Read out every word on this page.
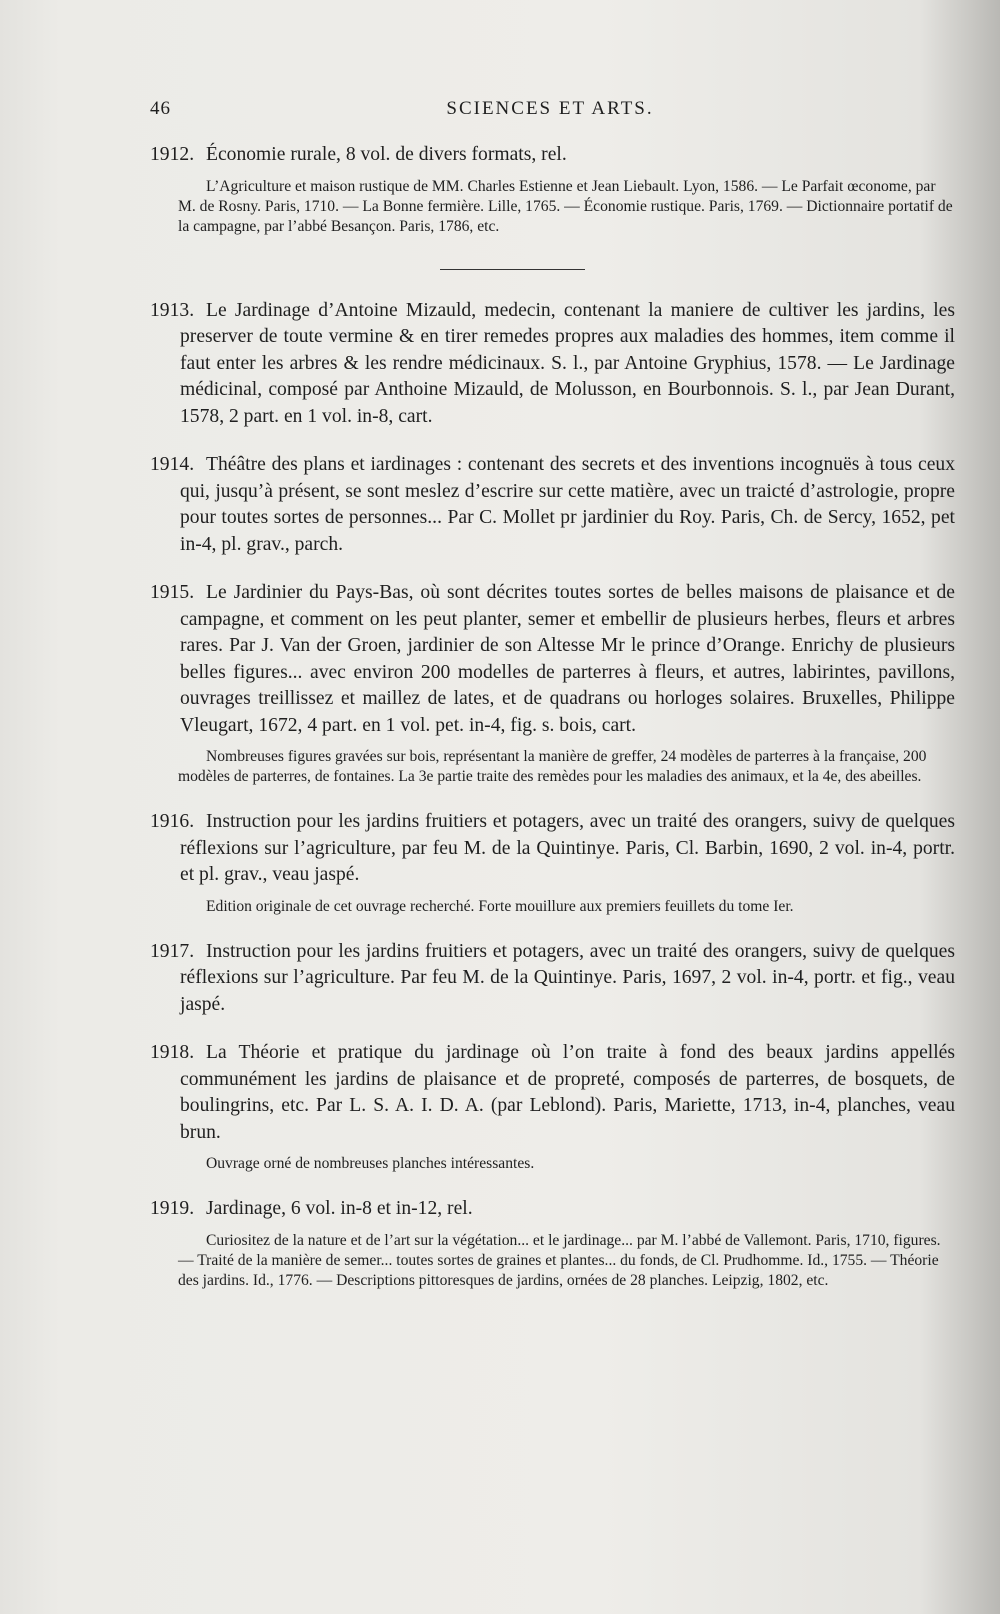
46	SCIENCES ET ARTS.
1912. Économie rurale, 8 vol. de divers formats, rel.
L’Agriculture et maison rustique de MM. Charles Estienne et Jean Liebault. Lyon, 1586. — Le Parfait œconome, par M. de Rosny. Paris, 1710. — La Bonne fermière. Lille, 1765. — Économie rustique. Paris, 1769. — Dictionnaire portatif de la campagne, par l’abbé Besançon. Paris, 1786, etc.
1913. Le Jardinage d’Antoine Mizauld, medecin, contenant la maniere de cultiver les jardins, les preserver de toute vermine & en tirer remedes propres aux maladies des hommes, item comme il faut enter les arbres & les rendre médicinaux. S. l., par Antoine Gryphius, 1578. — Le Jardinage médicinal, composé par Anthoine Mizauld, de Molusson, en Bourbonnois. S. l., par Jean Durant, 1578, 2 part. en 1 vol. in-8, cart.
1914. Théâtre des plans et iardinages : contenant des secrets et des inventions incognuës à tous ceux qui, jusqu’à présent, se sont meslez d’escrire sur cette matière, avec un traicté d’astrologie, propre pour toutes sortes de personnes... Par C. Mollet pr jardinier du Roy. Paris, Ch. de Sercy, 1652, pet in-4, pl. grav., parch.
1915. Le Jardinier du Pays-Bas, où sont décrites toutes sortes de belles maisons de plaisance et de campagne, et comment on les peut planter, semer et embellir de plusieurs herbes, fleurs et arbres rares. Par J. Van der Groen, jardinier de son Altesse Mr le prince d’Orange. Enrichy de plusieurs belles figures... avec environ 200 modelles de parterres à fleurs, et autres, labirintes, pavillons, ouvrages treillissez et maillez de lates, et de quadrans ou horloges solaires. Bruxelles, Philippe Vleugart, 1672, 4 part. en 1 vol. pet. in-4, fig. s. bois, cart.
Nombreuses figures gravées sur bois, représentant la manière de greffer, 24 modèles de parterres à la française, 200 modèles de parterres, de fontaines. La 3e partie traite des remèdes pour les maladies des animaux, et la 4e, des abeilles.
1916. Instruction pour les jardins fruitiers et potagers, avec un traité des orangers, suivy de quelques réflexions sur l’agriculture, par feu M. de la Quintinye. Paris, Cl. Barbin, 1690, 2 vol. in-4, portr. et pl. grav., veau jaspé.
Edition originale de cet ouvrage recherché. Forte mouillure aux premiers feuillets du tome Ier.
1917. Instruction pour les jardins fruitiers et potagers, avec un traité des orangers, suivy de quelques réflexions sur l’agriculture. Par feu M. de la Quintinye. Paris, 1697, 2 vol. in-4, portr. et fig., veau jaspé.
1918. La Théorie et pratique du jardinage où l’on traite à fond des beaux jardins appellés communément les jardins de plaisance et de propreté, composés de parterres, de bosquets, de boulingrins, etc. Par L. S. A. I. D. A. (par Leblond). Paris, Mariette, 1713, in-4, planches, veau brun.
Ouvrage orné de nombreuses planches intéressantes.
1919. Jardinage, 6 vol. in-8 et in-12, rel.
Curiositez de la nature et de l’art sur la végétation... et le jardinage... par M. l’abbé de Vallemont. Paris, 1710, figures. — Traité de la manière de semer... toutes sortes de graines et plantes... du fonds, de Cl. Prudhomme. Id., 1755. — Théorie des jardins. Id., 1776. — Descriptions pittoresques de jardins, ornées de 28 planches. Leipzig, 1802, etc.
